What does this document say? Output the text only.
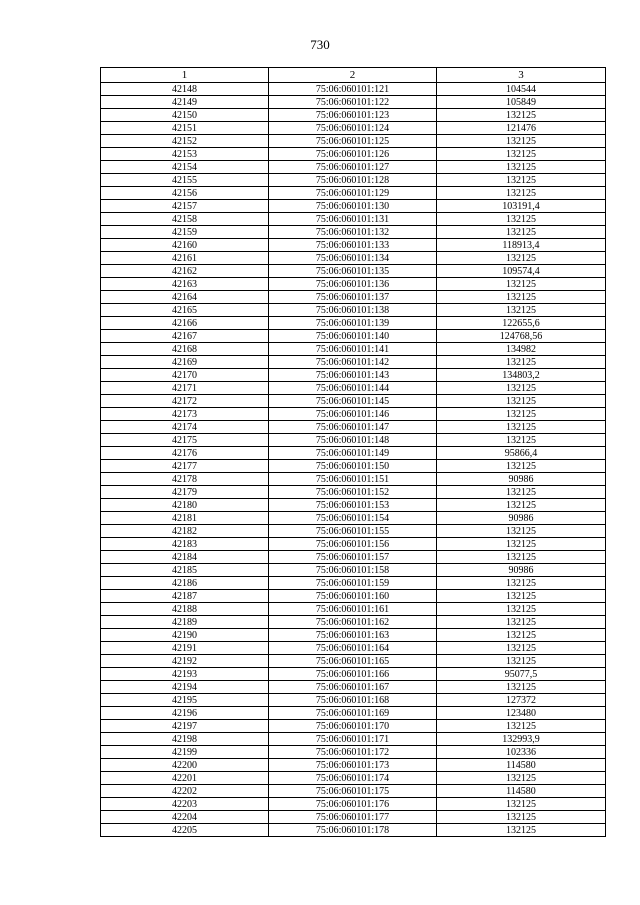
730
1	2	3
42148	75:06:060101:121	104544
42149	75:06:060101:122	105849
42150	75:06:060101:123	132125
42151	75:06:060101:124	121476
42152	75:06:060101:125	132125
42153	75:06:060101:126	132125
42154	75:06:060101:127	132125
42155	75:06:060101:128	132125
42156	75:06:060101:129	132125
42157	75:06:060101:130	103191,4
42158	75:06:060101:131	132125
42159	75:06:060101:132	132125
42160	75:06:060101:133	118913,4
42161	75:06:060101:134	132125
42162	75:06:060101:135	109574,4
42163	75:06:060101:136	132125
42164	75:06:060101:137	132125
42165	75:06:060101:138	132125
42166	75:06:060101:139	122655,6
42167	75:06:060101:140	124768,56
42168	75:06:060101:141	134982
42169	75:06:060101:142	132125
42170	75:06:060101:143	134803,2
42171	75:06:060101:144	132125
42172	75:06:060101:145	132125
42173	75:06:060101:146	132125
42174	75:06:060101:147	132125
42175	75:06:060101:148	132125
42176	75:06:060101:149	95866,4
42177	75:06:060101:150	132125
42178	75:06:060101:151	90986
42179	75:06:060101:152	132125
42180	75:06:060101:153	132125
42181	75:06:060101:154	90986
42182	75:06:060101:155	132125
42183	75:06:060101:156	132125
42184	75:06:060101:157	132125
42185	75:06:060101:158	90986
42186	75:06:060101:159	132125
42187	75:06:060101:160	132125
42188	75:06:060101:161	132125
42189	75:06:060101:162	132125
42190	75:06:060101:163	132125
42191	75:06:060101:164	132125
42192	75:06:060101:165	132125
42193	75:06:060101:166	95077,5
42194	75:06:060101:167	132125
42195	75:06:060101:168	127372
42196	75:06:060101:169	123480
42197	75:06:060101:170	132125
42198	75:06:060101:171	132993,9
42199	75:06:060101:172	102336
42200	75:06:060101:173	114580
42201	75:06:060101:174	132125
42202	75:06:060101:175	114580
42203	75:06:060101:176	132125
42204	75:06:060101:177	132125
42205	75:06:060101:178	132125
